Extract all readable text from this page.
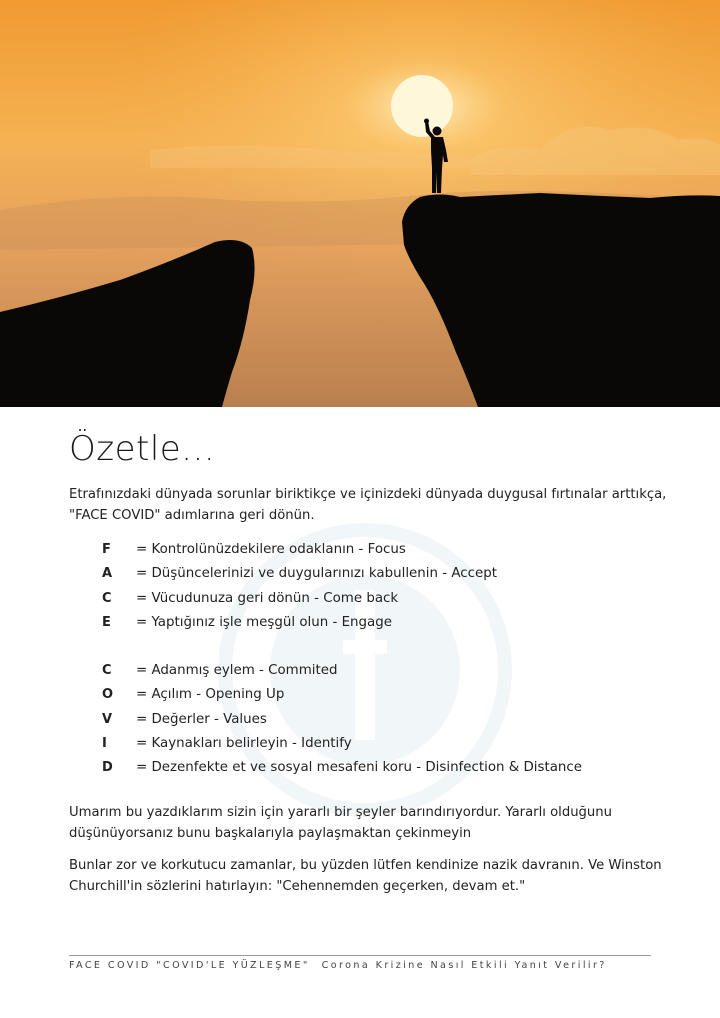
Özetle...

Etrafınızdaki dünyada sorunlar biriktikçe ve içinizdeki dünyada duygusal fırtınalar arttıkça, "FACE COVID" adımlarına geri dönün.

F	= Kontrolünüzdekilere odaklanın - Focus
A	= Düşüncelerinizi ve duygularınızı kabullenin - Accept
C	= Vücudunuza geri dönün - Come back
E	= Yaptığınız işle meşgül olun - Engage
C	= Adanmış eylem - Commited
O	= Açılım - Opening Up
V	= Değerler - Values
I	= Kaynakları belirleyin - Identify
D	= Dezenfekte et ve sosyal mesafeni koru - Disinfection & Distance

Umarım bu yazdıklarım sizin için yararlı bir şeyler barındırıyordur. Yararlı olduğunu düşünüyorsanız bunu başkalarıyla paylaşmaktan çekinmeyin

Bunlar zor ve korkutucu zamanlar, bu yüzden lütfen kendinize nazik davranın. Ve Winston Churchill'in sözlerini hatırlayın: "Cehennemden geçerken, devam et."

FACE COVID "COVID'LE YÜZLEŞME" Corona Krizine Nasıl Etkili Yanıt Verilir?
